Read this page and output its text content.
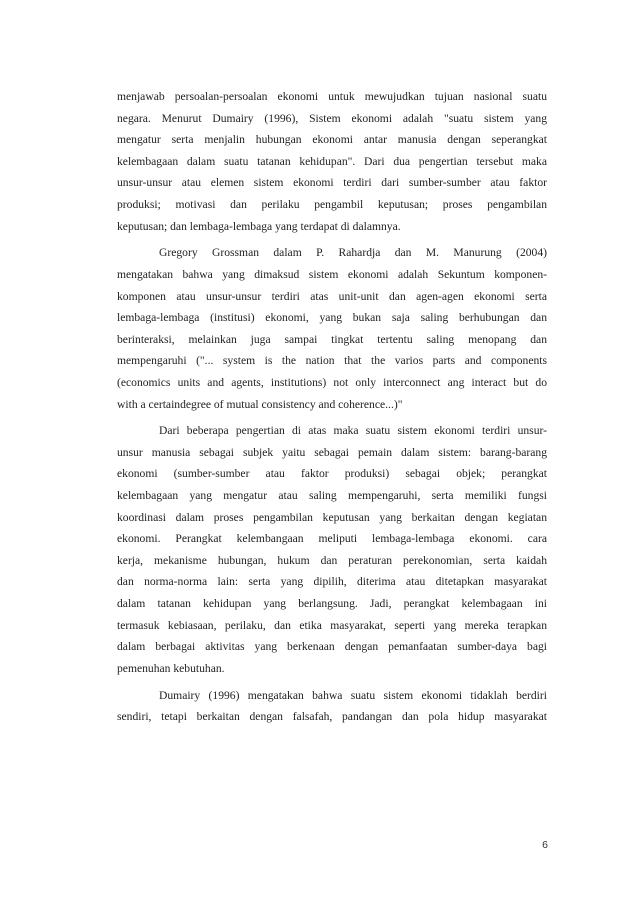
menjawab persoalan-persoalan ekonomi untuk mewujudkan tujuan nasional suatu
negara. Menurut Dumairy (1996), Sistem ekonomi adalah "suatu sistem yang
mengatur serta menjalin hubungan ekonomi antar manusia dengan seperangkat
kelembagaan dalam suatu tatanan kehidupan". Dari dua pengertian tersebut maka
unsur-unsur atau elemen sistem ekonomi terdiri dari sumber-sumber atau faktor
produksi; motivasi dan perilaku pengambil keputusan; proses pengambilan
keputusan; dan lembaga-lembaga yang terdapat di dalamnya.
Gregory Grossman dalam P. Rahardja dan M. Manurung (2004)
mengatakan bahwa yang dimaksud sistem ekonomi adalah Sekuntum komponen-
komponen atau unsur-unsur terdiri atas unit-unit dan agen-agen ekonomi serta
lembaga-lembaga (institusi) ekonomi, yang bukan saja saling berhubungan dan
berinteraksi, melainkan juga sampai tingkat tertentu saling menopang dan
mempengaruhi ("... system is the nation that the varios parts and components
(economics units and agents, institutions) not only interconnect ang interact but do
with a certaindegree of mutual consistency and coherence...)"
Dari beberapa pengertian di atas maka suatu sistem ekonomi terdiri unsur-
unsur manusia sebagai subjek yaitu sebagai pemain dalam sistem: barang-barang
ekonomi (sumber-sumber atau faktor produksi) sebagai objek; perangkat
kelembagaan yang mengatur atau saling mempengaruhi, serta memiliki fungsi
koordinasi dalam proses pengambilan keputusan yang berkaitan dengan kegiatan
ekonomi. Perangkat kelembangaan meliputi lembaga-lembaga ekonomi. cara
kerja, mekanisme hubungan, hukum dan peraturan perekonomian, serta kaidah
dan norma-norma lain: serta yang dipilih, diterima atau ditetapkan masyarakat
dalam tatanan kehidupan yang berlangsung. Jadi, perangkat kelembagaan ini
termasuk kebiasaan, perilaku, dan etika masyarakat, seperti yang mereka terapkan
dalam berbagai aktivitas yang berkenaan dengan pemanfaatan sumber-daya bagi
pemenuhan kebutuhan.
Dumairy (1996) mengatakan bahwa suatu sistem ekonomi tidaklah berdiri
sendiri, tetapi berkaitan dengan falsafah, pandangan dan pola hidup masyarakat
6
